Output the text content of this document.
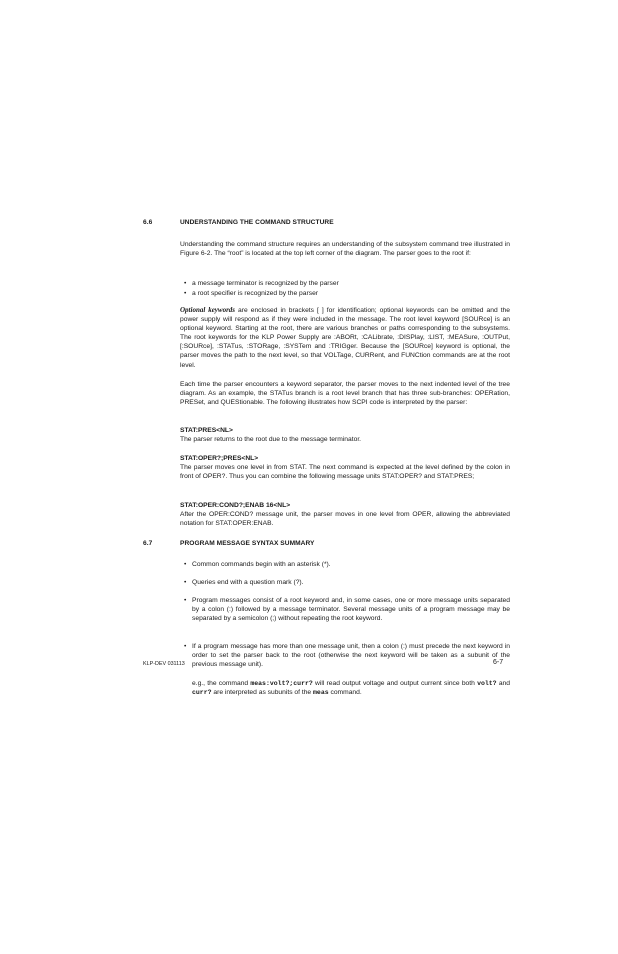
6.6	UNDERSTANDING THE COMMAND STRUCTURE
Understanding the command structure requires an understanding of the subsystem command tree illustrated in Figure 6-2. The “root” is located at the top left corner of the diagram. The parser goes to the root if:
• a message terminator is recognized by the parser
• a root specifier is recognized by the parser
Optional keywords are enclosed in brackets [ ] for identification; optional keywords can be omitted and the power supply will respond as if they were included in the message. The root level keyword [SOURce] is an optional keyword. Starting at the root, there are various branches or paths corresponding to the subsystems. The root keywords for the KLP Power Supply are :ABORt, :CALibrate, :DISPlay, :LIST, :MEASure, :OUTPut, [:SOURce], :STATus, :STORage, :SYSTem and :TRIGger. Because the [SOURce] keyword is optional, the parser moves the path to the next level, so that VOLTage, CURRent, and FUNCtion commands are at the root level.
Each time the parser encounters a keyword separator, the parser moves to the next indented level of the tree diagram. As an example, the STATus branch is a root level branch that has three sub-branches: OPERation, PRESet, and QUEStionable. The following illustrates how SCPI code is interpreted by the parser:
STAT:PRES<NL>
The parser returns to the root due to the message terminator.
STAT:OPER?;PRES<NL>
The parser moves one level in from STAT. The next command is expected at the level defined by the colon in front of OPER?. Thus you can combine the following message units STAT:OPER? and STAT:PRES;
STAT:OPER:COND?;ENAB 16<NL>
After the OPER:COND? message unit, the parser moves in one level from OPER, allowing the abbreviated notation for STAT:OPER:ENAB.
6.7	PROGRAM MESSAGE SYNTAX SUMMARY
• Common commands begin with an asterisk (*).
• Queries end with a question mark (?).
• Program messages consist of a root keyword and, in some cases, one or more message units separated by a colon (:) followed by a message terminator. Several message units of a program message may be separated by a semicolon (;) without repeating the root keyword.
• If a program message has more than one message unit, then a colon (:) must precede the next keyword in order to set the parser back to the root (otherwise the next keyword will be taken as a subunit of the previous message unit).
e.g., the command meas:volt?;curr? will read output voltage and output current since both volt? and curr? are interpreted as subunits of the meas command.
KLP-DEV 031113	6-7
